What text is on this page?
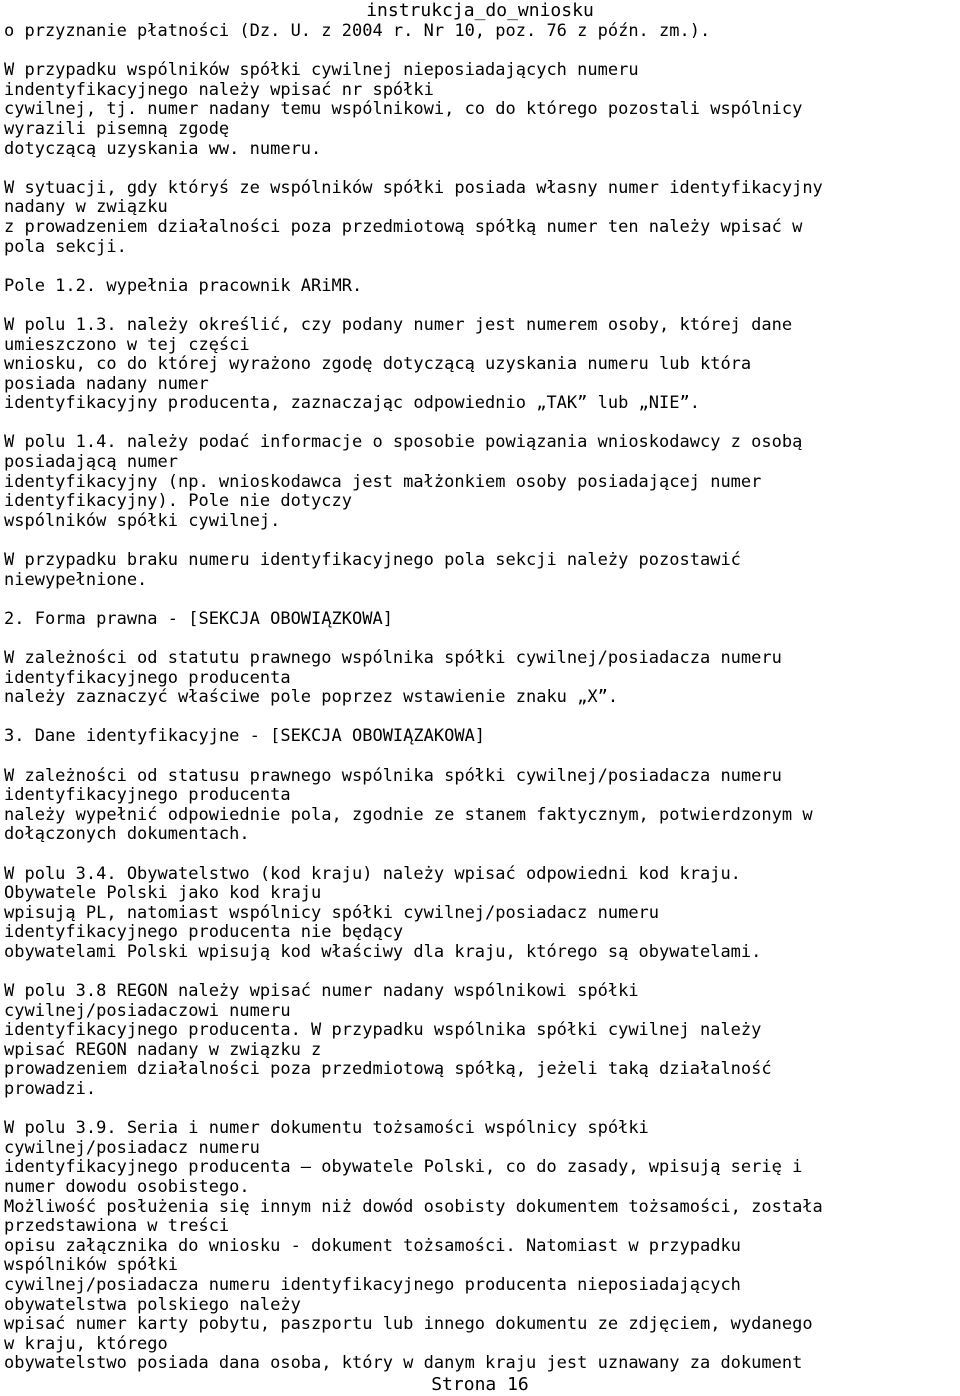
instrukcja_do_wniosku
o przyznanie płatności (Dz. U. z 2004 r. Nr 10, poz. 76 z późn. zm.).
W przypadku wspólników spółki cywilnej nieposiadających numeru
indentyfikacyjnego należy wpisać nr spółki
cywilnej, tj. numer nadany temu wspólnikowi, co do którego pozostali wspólnicy
wyrazili pisemną zgodę
dotyczącą uzyskania ww. numeru.
W sytuacji, gdy któryś ze wspólników spółki posiada własny numer identyfikacyjny
nadany w związku
z prowadzeniem działalności poza przedmiotową spółką numer ten należy wpisać w
pola sekcji.
Pole 1.2. wypełnia pracownik ARiMR.
W polu 1.3. należy określić, czy podany numer jest numerem osoby, której dane
umieszczono w tej części
wniosku, co do której wyrażono zgodę dotyczącą uzyskania numeru lub która
posiada nadany numer
identyfikacyjny producenta, zaznaczając odpowiednio „TAK” lub „NIE”.
W polu 1.4. należy podać informacje o sposobie powiązania wnioskodawcy z osobą
posiadającą numer
identyfikacyjny (np. wnioskodawca jest małżonkiem osoby posiadającej numer
identyfikacyjny). Pole nie dotyczy
wspólników spółki cywilnej.
W przypadku braku numeru identyfikacyjnego pola sekcji należy pozostawić
niewypełnione.
2. Forma prawna - [SEKCJA OBOWIĄZKOWA]
W zależności od statutu prawnego wspólnika spółki cywilnej/posiadacza numeru
identyfikacyjnego producenta
należy zaznaczyć właściwe pole poprzez wstawienie znaku „X”.
3. Dane identyfikacyjne - [SEKCJA OBOWIĄZAKOWA]
W zależności od statusu prawnego wspólnika spółki cywilnej/posiadacza numeru
identyfikacyjnego producenta
należy wypełnić odpowiednie pola, zgodnie ze stanem faktycznym, potwierdzonym w
dołączonych dokumentach.
W polu 3.4. Obywatelstwo (kod kraju) należy wpisać odpowiedni kod kraju.
Obywatele Polski jako kod kraju
wpisują PL, natomiast wspólnicy spółki cywilnej/posiadacz numeru
identyfikacyjnego producenta nie będący
obywatelami Polski wpisują kod właściwy dla kraju, którego są obywatelami.
W polu 3.8 REGON należy wpisać numer nadany wspólnikowi spółki
cywilnej/posiadaczowi numeru
identyfikacyjnego producenta. W przypadku wspólnika spółki cywilnej należy
wpisać REGON nadany w związku z
prowadzeniem działalności poza przedmiotową spółką, jeżeli taką działalność
prowadzi.
W polu 3.9. Seria i numer dokumentu tożsamości wspólnicy spółki
cywilnej/posiadacz numeru
identyfikacyjnego producenta – obywatele Polski, co do zasady, wpisują serię i
numer dowodu osobistego.
Możliwość posłużenia się innym niż dowód osobisty dokumentem tożsamości, została
przedstawiona w treści
opisu załącznika do wniosku - dokument tożsamości. Natomiast w przypadku
wspólników spółki
cywilnej/posiadacza numeru identyfikacyjnego producenta nieposiadających
obywatelstwa polskiego należy
wpisać numer karty pobytu, paszportu lub innego dokumentu ze zdjęciem, wydanego
w kraju, którego
obywatelstwo posiada dana osoba, który w danym kraju jest uznawany za dokument
Strona 16
